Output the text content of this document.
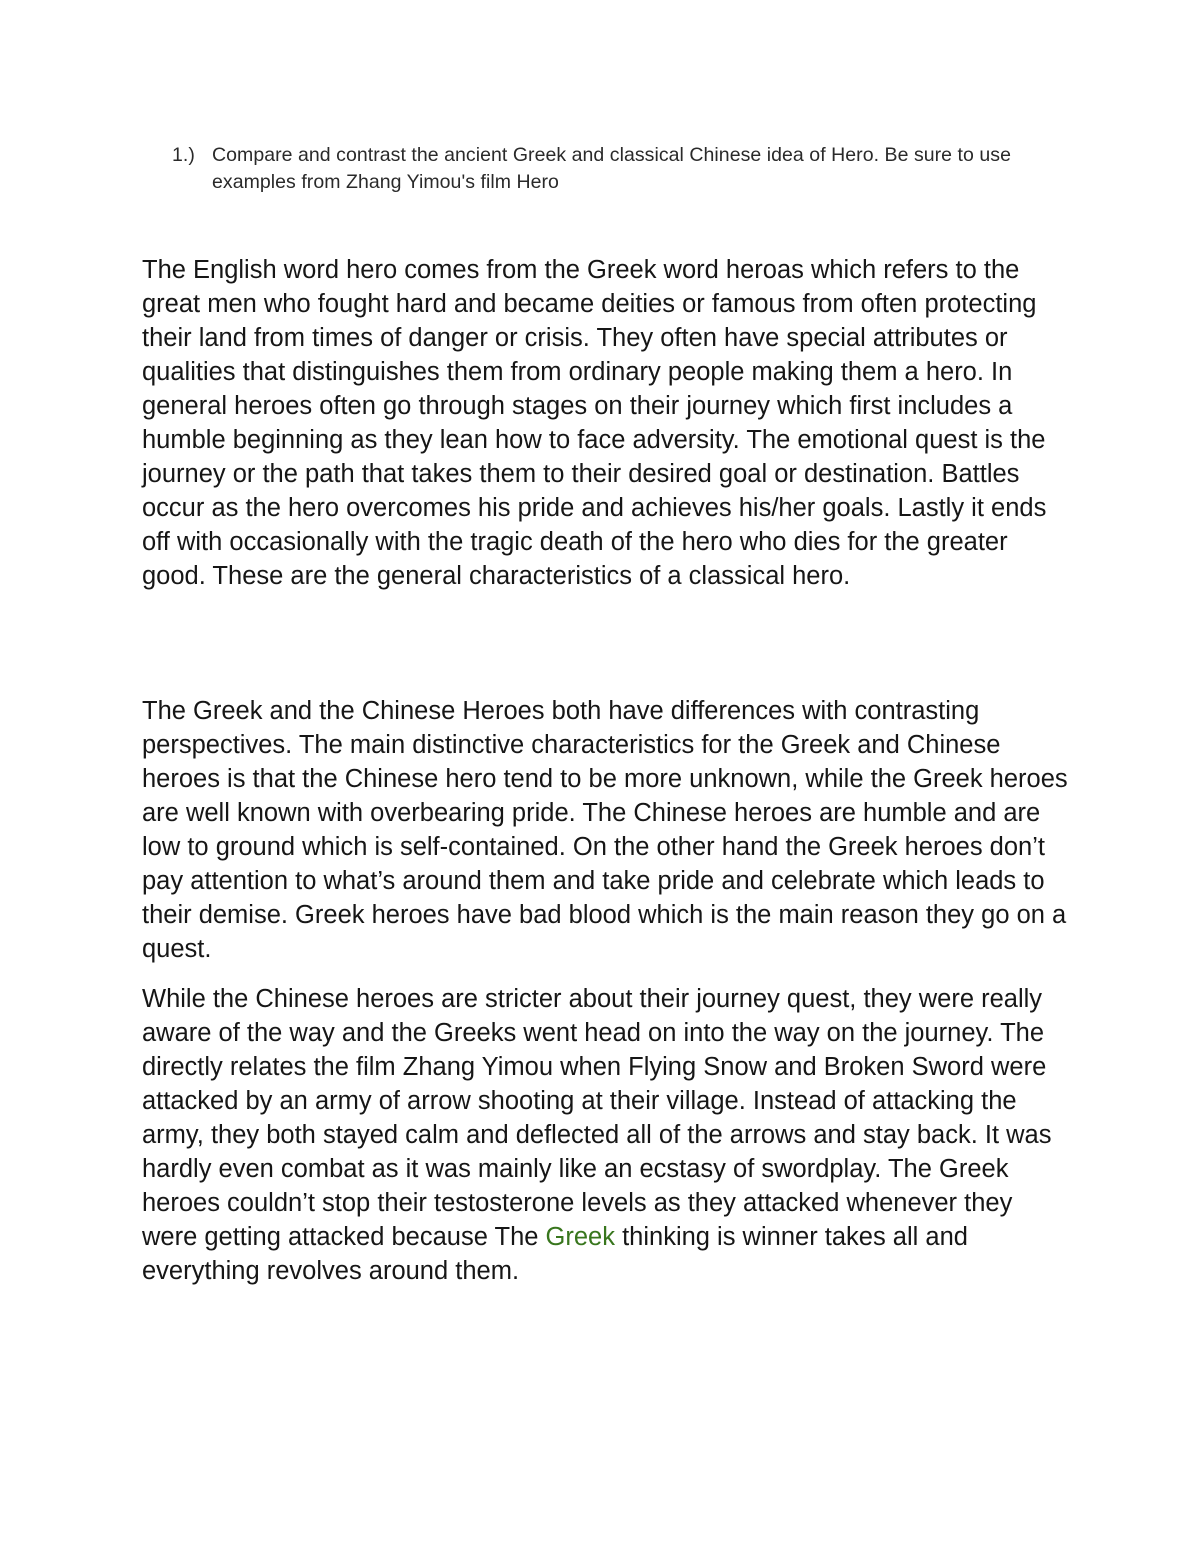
1.) Compare and contrast the ancient Greek and classical Chinese idea of Hero. Be sure to use examples from Zhang Yimou's film Hero

The English word hero comes from the Greek word heroas which refers to the great men who fought hard and became deities or famous from often protecting their land from times of danger or crisis. They often have special attributes or qualities that distinguishes them from ordinary people making them a hero. In general heroes often go through stages on their journey which first includes a humble beginning as they lean how to face adversity. The emotional quest is the journey or the path that takes them to their desired goal or destination. Battles occur as the hero overcomes his pride and achieves his/her goals. Lastly it ends off with occasionally with the tragic death of the hero who dies for the greater good. These are the general characteristics of a classical hero.

The Greek and the Chinese Heroes both have differences with contrasting perspectives. The main distinctive characteristics for the Greek and Chinese heroes is that the Chinese hero tend to be more unknown, while the Greek heroes are well known with overbearing pride. The Chinese heroes are humble and are low to ground which is self-contained. On the other hand the Greek heroes don’t pay attention to what’s around them and take pride and celebrate which leads to their demise. Greek heroes have bad blood which is the main reason they go on a quest.

While the Chinese heroes are stricter about their journey quest, they were really aware of the way and the Greeks went head on into the way on the journey. The directly relates the film Zhang Yimou when Flying Snow and Broken Sword were attacked by an army of arrow shooting at their village. Instead of attacking the army, they both stayed calm and deflected all of the arrows and stay back. It was hardly even combat as it was mainly like an ecstasy of swordplay. The Greek heroes couldn’t stop their testosterone levels as they attacked whenever they were getting attacked because The Greek thinking is winner takes all and everything revolves around them.
